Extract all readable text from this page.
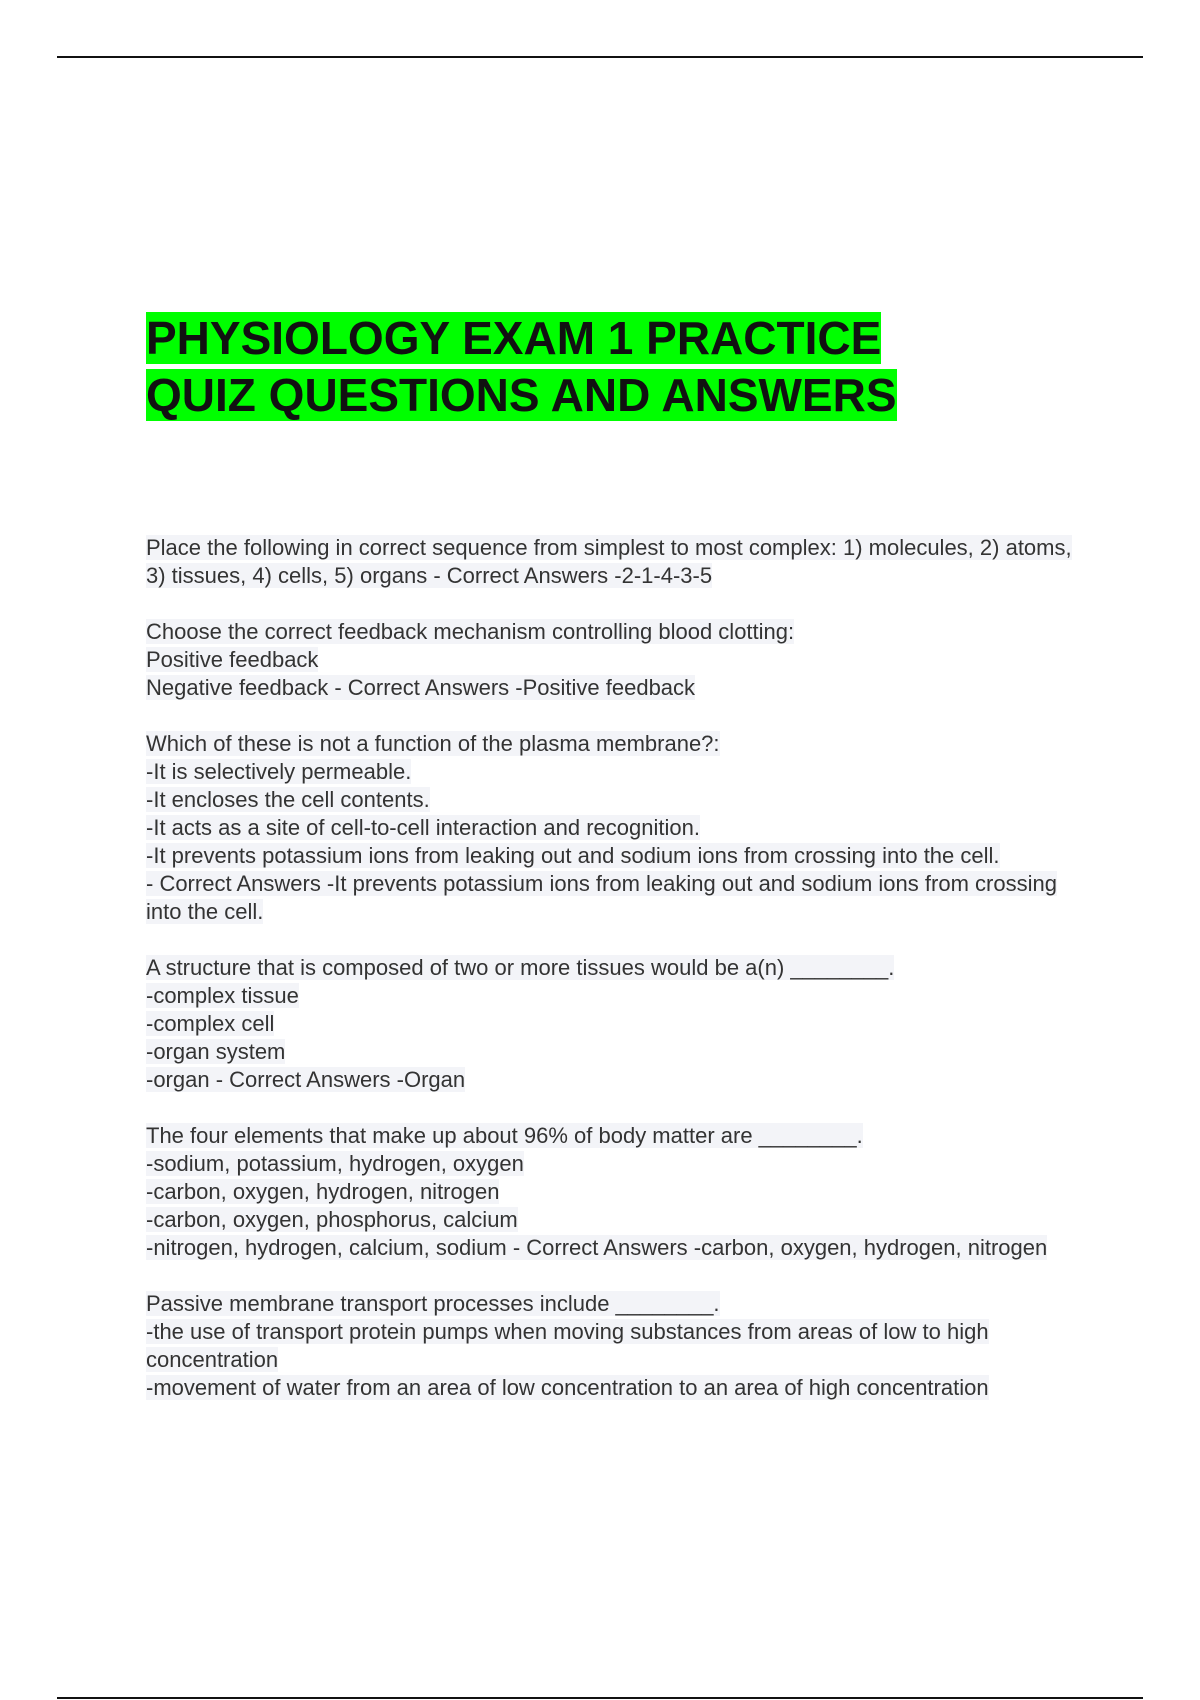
PHYSIOLOGY EXAM 1 PRACTICE
QUIZ QUESTIONS AND ANSWERS
Place the following in correct sequence from simplest to most complex: 1) molecules, 2) atoms, 3) tissues, 4) cells, 5) organs - Correct Answers -2-1-4-3-5
Choose the correct feedback mechanism controlling blood clotting:
Positive feedback
Negative feedback - Correct Answers -Positive feedback
Which of these is not a function of the plasma membrane?:
-It is selectively permeable.
-It encloses the cell contents.
-It acts as a site of cell-to-cell interaction and recognition.
-It prevents potassium ions from leaking out and sodium ions from crossing into the cell.
- Correct Answers -It prevents potassium ions from leaking out and sodium ions from crossing into the cell.
A structure that is composed of two or more tissues would be a(n) ________.
-complex tissue
-complex cell
-organ system
-organ - Correct Answers -Organ
The four elements that make up about 96% of body matter are ________.
-sodium, potassium, hydrogen, oxygen
-carbon, oxygen, hydrogen, nitrogen
-carbon, oxygen, phosphorus, calcium
-nitrogen, hydrogen, calcium, sodium - Correct Answers -carbon, oxygen, hydrogen, nitrogen
Passive membrane transport processes include ________.
-the use of transport protein pumps when moving substances from areas of low to high concentration
-movement of water from an area of low concentration to an area of high concentration
